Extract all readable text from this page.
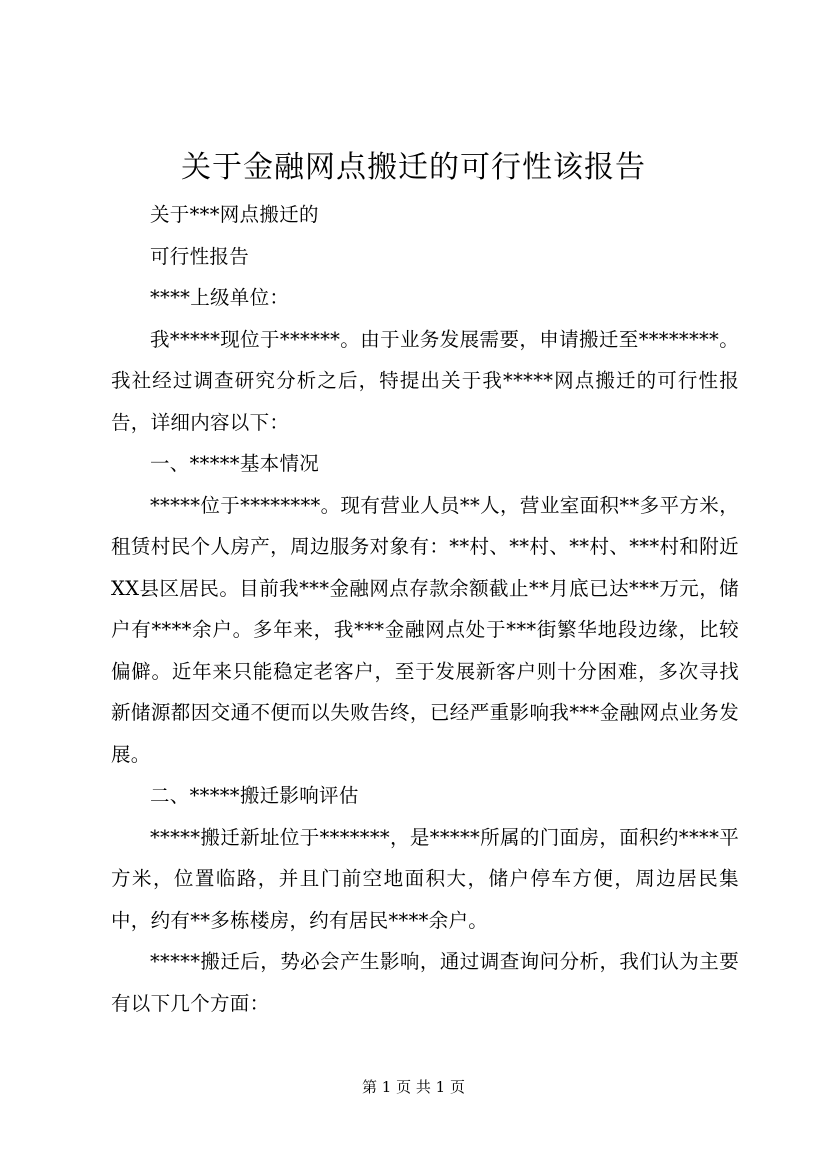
关于金融网点搬迁的可行性该报告

关于***网点搬迁的

可行性报告

****上级单位：

我*****现位于******。由于业务发展需要，申请搬迁至********。我社经过调查研究分析之后，特提出关于我*****网点搬迁的可行性报告，详细内容以下：

一、*****基本情况

*****位于********。现有营业人员**人，营业室面积**多平方米，租赁村民个人房产，周边服务对象有：**村、**村、**村、***村和附近XX县区居民。目前我***金融网点存款余额截止**月底已达***万元，储户有****余户。多年来，我***金融网点处于***街繁华地段边缘，比较偏僻。近年来只能稳定老客户，至于发展新客户则十分困难，多次寻找新储源都因交通不便而以失败告终，已经严重影响我***金融网点业务发展。

二、*****搬迁影响评估

*****搬迁新址位于*******，是*****所属的门面房，面积约****平方米，位置临路，并且门前空地面积大，储户停车方便，周边居民集中，约有**多栋楼房，约有居民****余户。

*****搬迁后，势必会产生影响，通过调查询问分析，我们认为主要有以下几个方面：

第 1 页 共 1 页
